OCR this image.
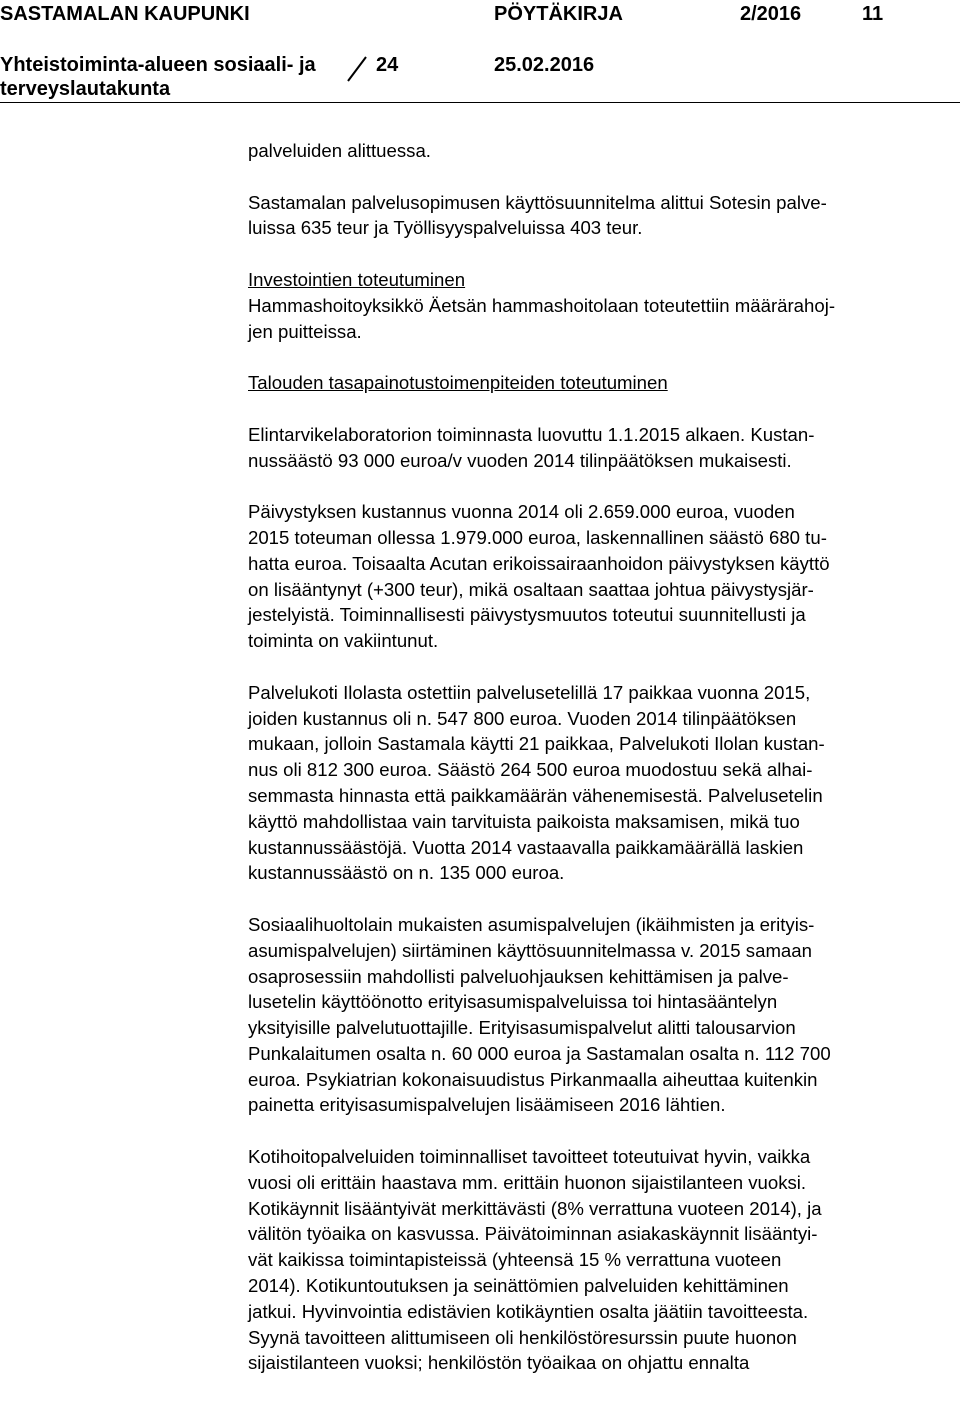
SASTAMALAN KAUPUNKI	PÖYTÄKIRJA	2/2016	11
Yhteistoiminta-alueen sosiaali- ja
terveyslautakunta
24	25.02.2016

palveluiden alittuessa.

Sastamalan palvelusopimusen käyttösuunnitelma alittui Sotesin palve-
luissa 635 teur ja Työllisyyspalveluissa 403 teur.

Investointien toteutuminen
Hammashoitoyksikkö Äetsän hammashoitolaan toteutettiin määrärahoj-
jen puitteissa.

Talouden tasapainotustoimenpiteiden toteutuminen

Elintarvikelaboratorion toiminnasta luovuttu 1.1.2015 alkaen. Kustan-
nussäästö 93 000 euroa/v vuoden 2014 tilinpäätöksen mukaisesti.

Päivystyksen kustannus vuonna 2014 oli 2.659.000 euroa, vuoden
2015 toteuman ollessa 1.979.000 euroa, laskennallinen säästö 680 tu-
hatta euroa. Toisaalta Acutan erikoissairaanhoidon päivystyksen käyttö
on lisääntynyt (+300 teur), mikä osaltaan saattaa johtua päivystysjär-
jestelyistä. Toiminnallisesti päivystysmuutos toteutui suunnitellusti ja
toiminta on vakiintunut.

Palvelukoti Ilolasta ostettiin palvelusetelillä 17 paikkaa vuonna 2015,
joiden kustannus oli n. 547 800 euroa. Vuoden 2014 tilinpäätöksen
mukaan, jolloin Sastamala käytti 21 paikkaa, Palvelukoti Ilolan kustan-
nus oli 812 300 euroa. Säästö 264 500 euroa muodostuu sekä alhai-
semmasta hinnasta että paikkamäärän vähenemisestä. Palvelusetelin
käyttö mahdollistaa vain tarvituista paikoista maksamisen, mikä tuo
kustannussäästöjä. Vuotta 2014 vastaavalla paikkamäärällä laskien
kustannussäästö on n. 135 000 euroa.

Sosiaalihuoltolain mukaisten asumispalvelujen (ikäihmisten ja erityis-
asumispalvelujen) siirtäminen käyttösuunnitelmassa v. 2015 samaan
osaprosessiin mahdollisti palveluohjauksen kehittämisen ja palve-
lusetelin käyttöönotto erityisasumispalveluissa toi hintasääntelyn
yksityisille palvelutuottajille. Erityisasumispalvelut alitti talousarvion
Punkalaitumen osalta n. 60 000 euroa ja Sastamalan osalta n. 112 700
euroa. Psykiatrian kokonaisuudistus Pirkanmaalla aiheuttaa kuitenkin
painetta erityisasumispalvelujen lisäämiseen 2016 lähtien.

Kotihoitopalveluiden toiminnalliset tavoitteet toteutuivat hyvin, vaikka
vuosi oli erittäin haastava mm. erittäin huonon sijaistilanteen vuoksi.
Kotikäynnit lisääntyivät merkittävästi (8% verrattuna vuoteen 2014), ja
välitön työaika on kasvussa. Päivätoiminnan asiakaskäynnit lisääntyi-
vät kaikissa toimintapisteissä (yhteensä 15 % verrattuna vuoteen
2014). Kotikuntoutuksen ja seinättömien palveluiden kehittäminen
jatkui. Hyvinvointia edistävien kotikäyntien osalta jäätiin tavoitteesta.
Syynä tavoitteen alittumiseen oli henkilöstöresurssin puute huonon
sijaistilanteen vuoksi; henkilöstön työaikaa on ohjattu ennalta
